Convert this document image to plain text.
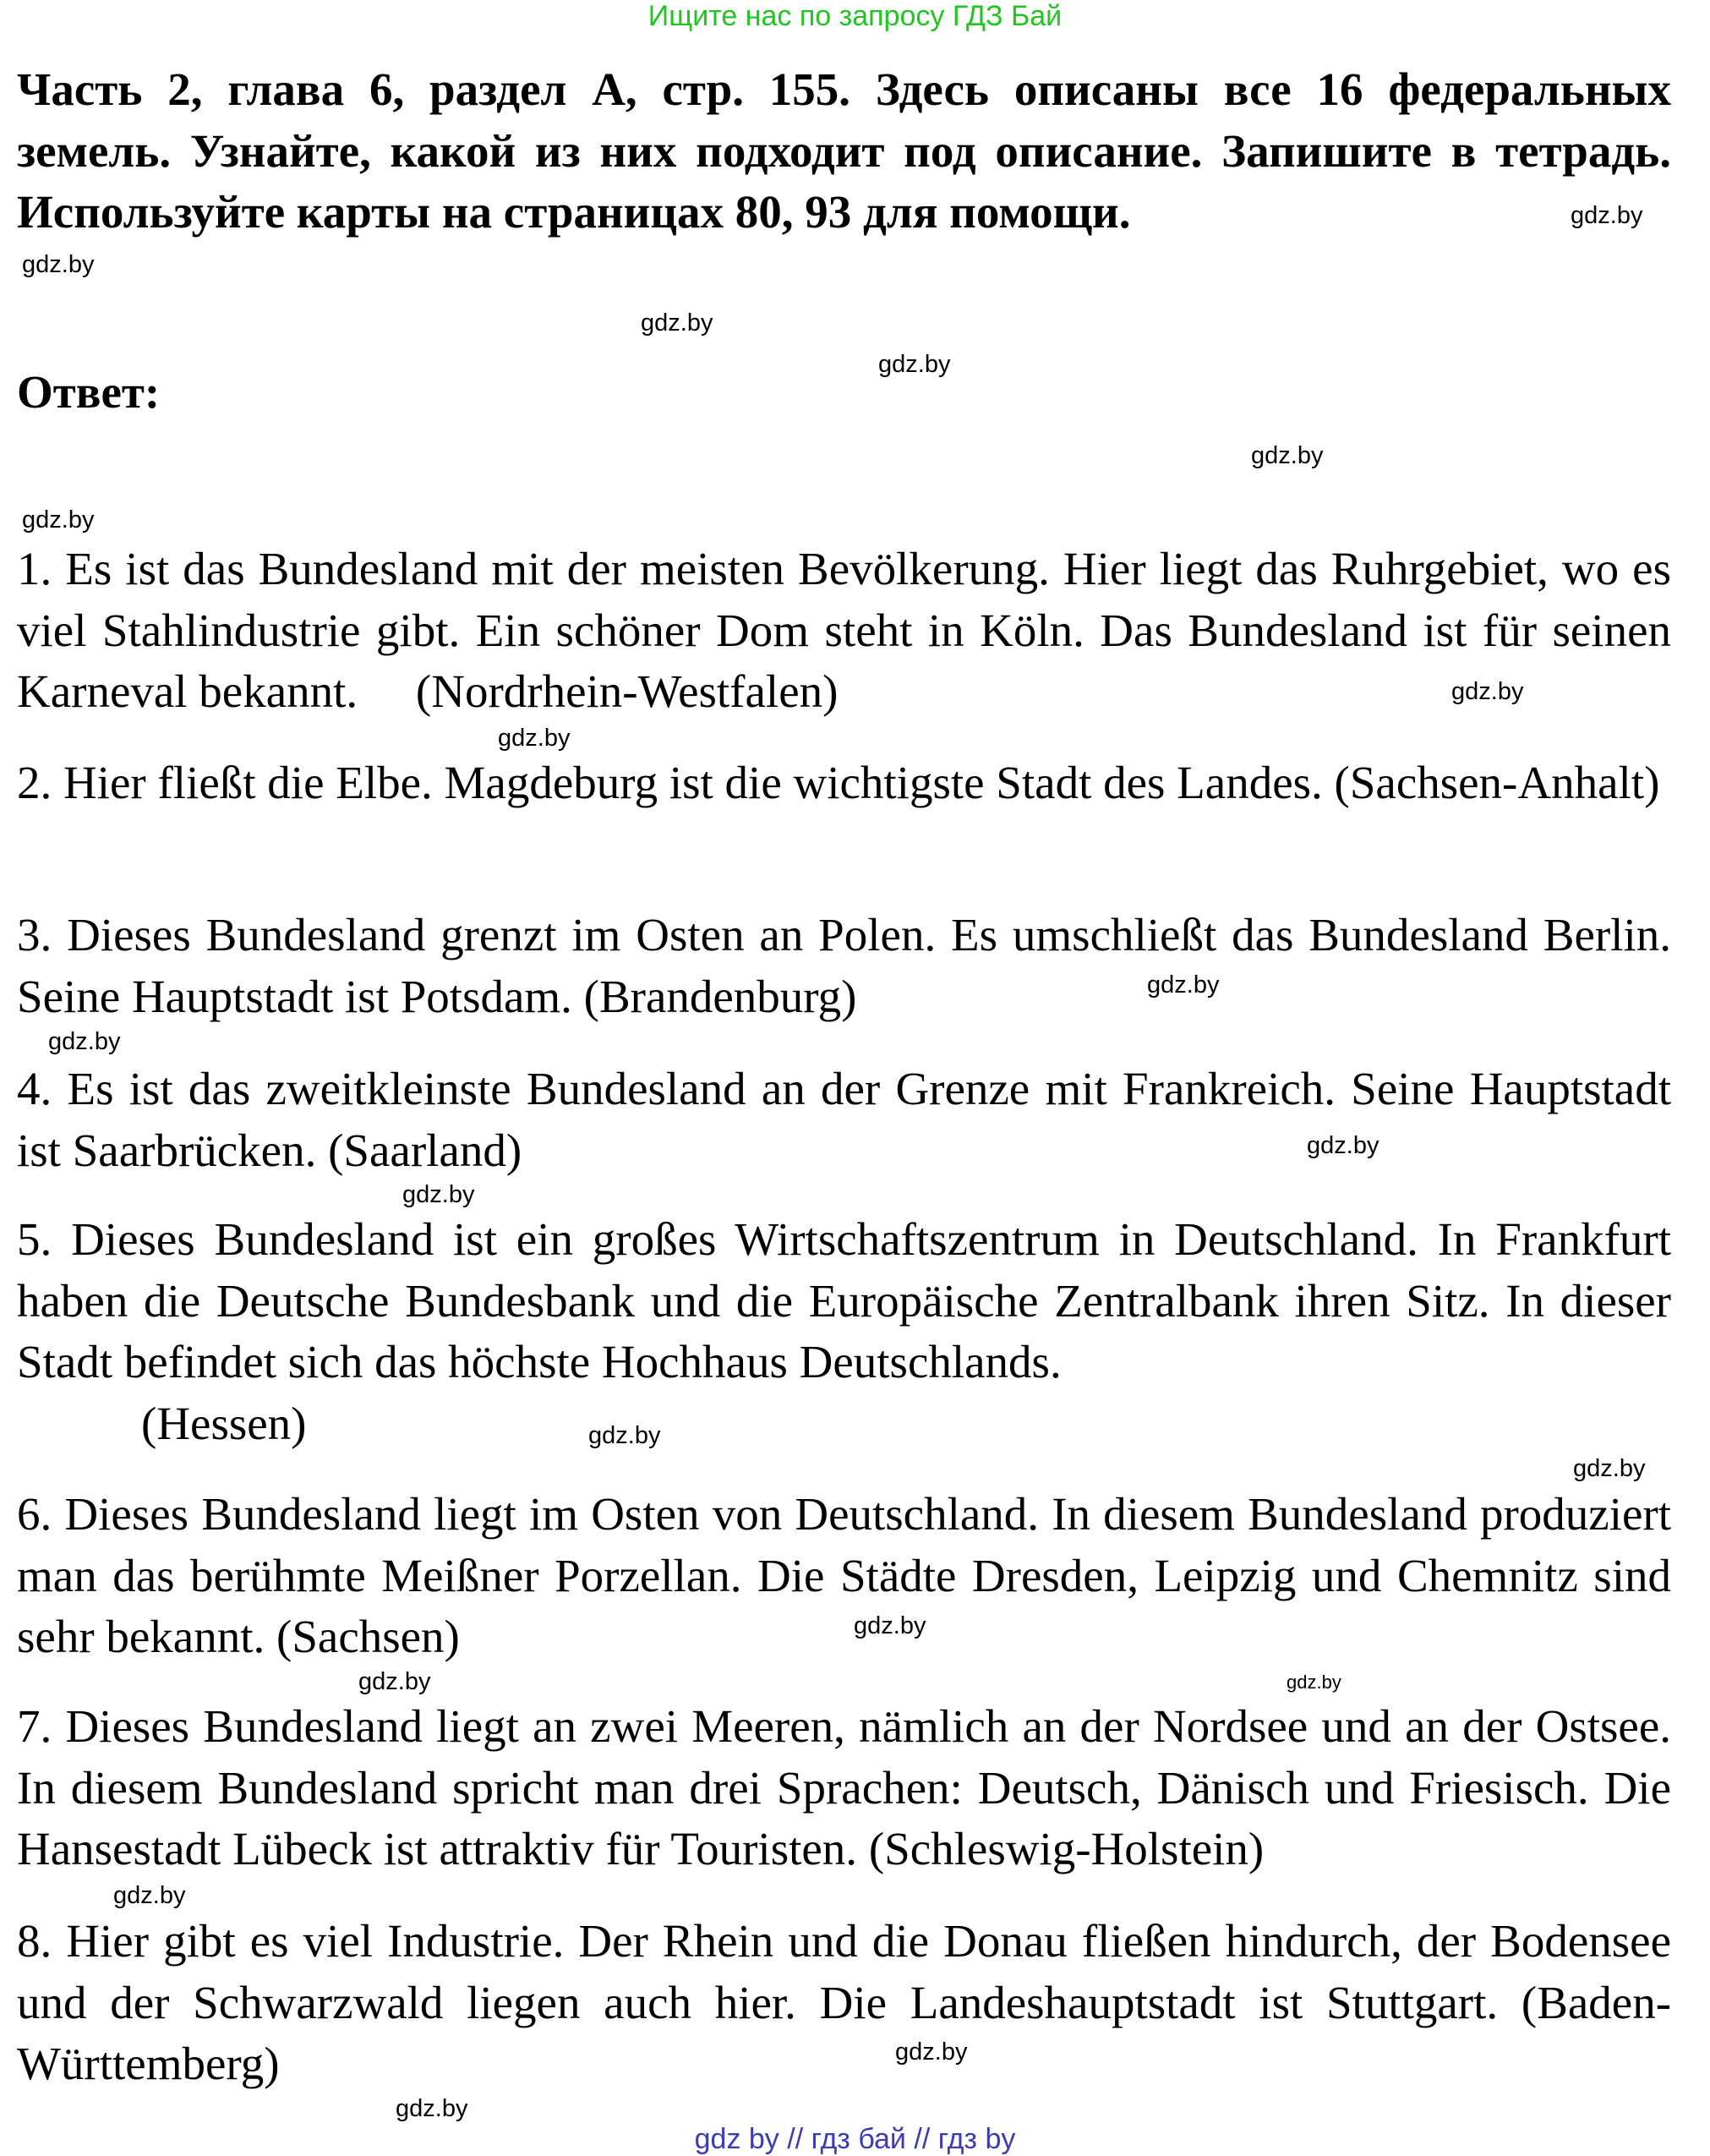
Ищите нас по запросу ГДЗ Бай
Часть 2, глава 6, раздел A, стр. 155. Здесь описаны все 16 федеральных земель. Узнайте, какой из них подходит под описание. Запишите в тетрадь. Используйте карты на страницах 80, 93 для помощи.
Ответ:
1. Es ist das Bundesland mit der meisten Bevölkerung. Hier liegt das Ruhrgebiet, wo es viel Stahlindustrie gibt. Ein schöner Dom steht in Köln. Das Bundesland ist für seinen Karneval bekannt. (Nordrhein-Westfalen)
2. Hier fließt die Elbe. Magdeburg ist die wichtigste Stadt des Landes. (Sachsen-Anhalt)
3. Dieses Bundesland grenzt im Osten an Polen. Es umschließt das Bundesland Berlin. Seine Hauptstadt ist Potsdam. (Brandenburg)
4. Es ist das zweitkleinste Bundesland an der Grenze mit Frankreich. Seine Hauptstadt ist Saarbrücken. (Saarland)
5. Dieses Bundesland ist ein großes Wirtschaftszentrum in Deutschland. In Frankfurt haben die Deutsche Bundesbank und die Europäische Zentralbank ihren Sitz. In dieser Stadt befindet sich das höchste Hochhaus Deutschlands.
(Hessen)
6. Dieses Bundesland liegt im Osten von Deutschland. In diesem Bundesland produziert man das berühmte Meißner Porzellan. Die Städte Dresden, Leipzig und Chemnitz sind sehr bekannt. (Sachsen)
7. Dieses Bundesland liegt an zwei Meeren, nämlich an der Nordsee und an der Ostsee. In diesem Bundesland spricht man drei Sprachen: Deutsch, Dänisch und Friesisch. Die Hansestadt Lübeck ist attraktiv für Touristen. (Schleswig-Holstein)
8. Hier gibt es viel Industrie. Der Rhein und die Donau fließen hindurch, der Bodensee und der Schwarzwald liegen auch hier. Die Landeshauptstadt ist Stuttgart. (Baden-Württemberg)
gdz.by
gdz.by
gdz.by
gdz.by
gdz.by
gdz.by
gdz.by
gdz.by
gdz.by
gdz.by
gdz.by
gdz.by
gdz.by
gdz.by
gdz.by
gdz.by	gdz.by
gdz.by
gdz.by
gdz.by
gdz by // гдз бай // гдз by
